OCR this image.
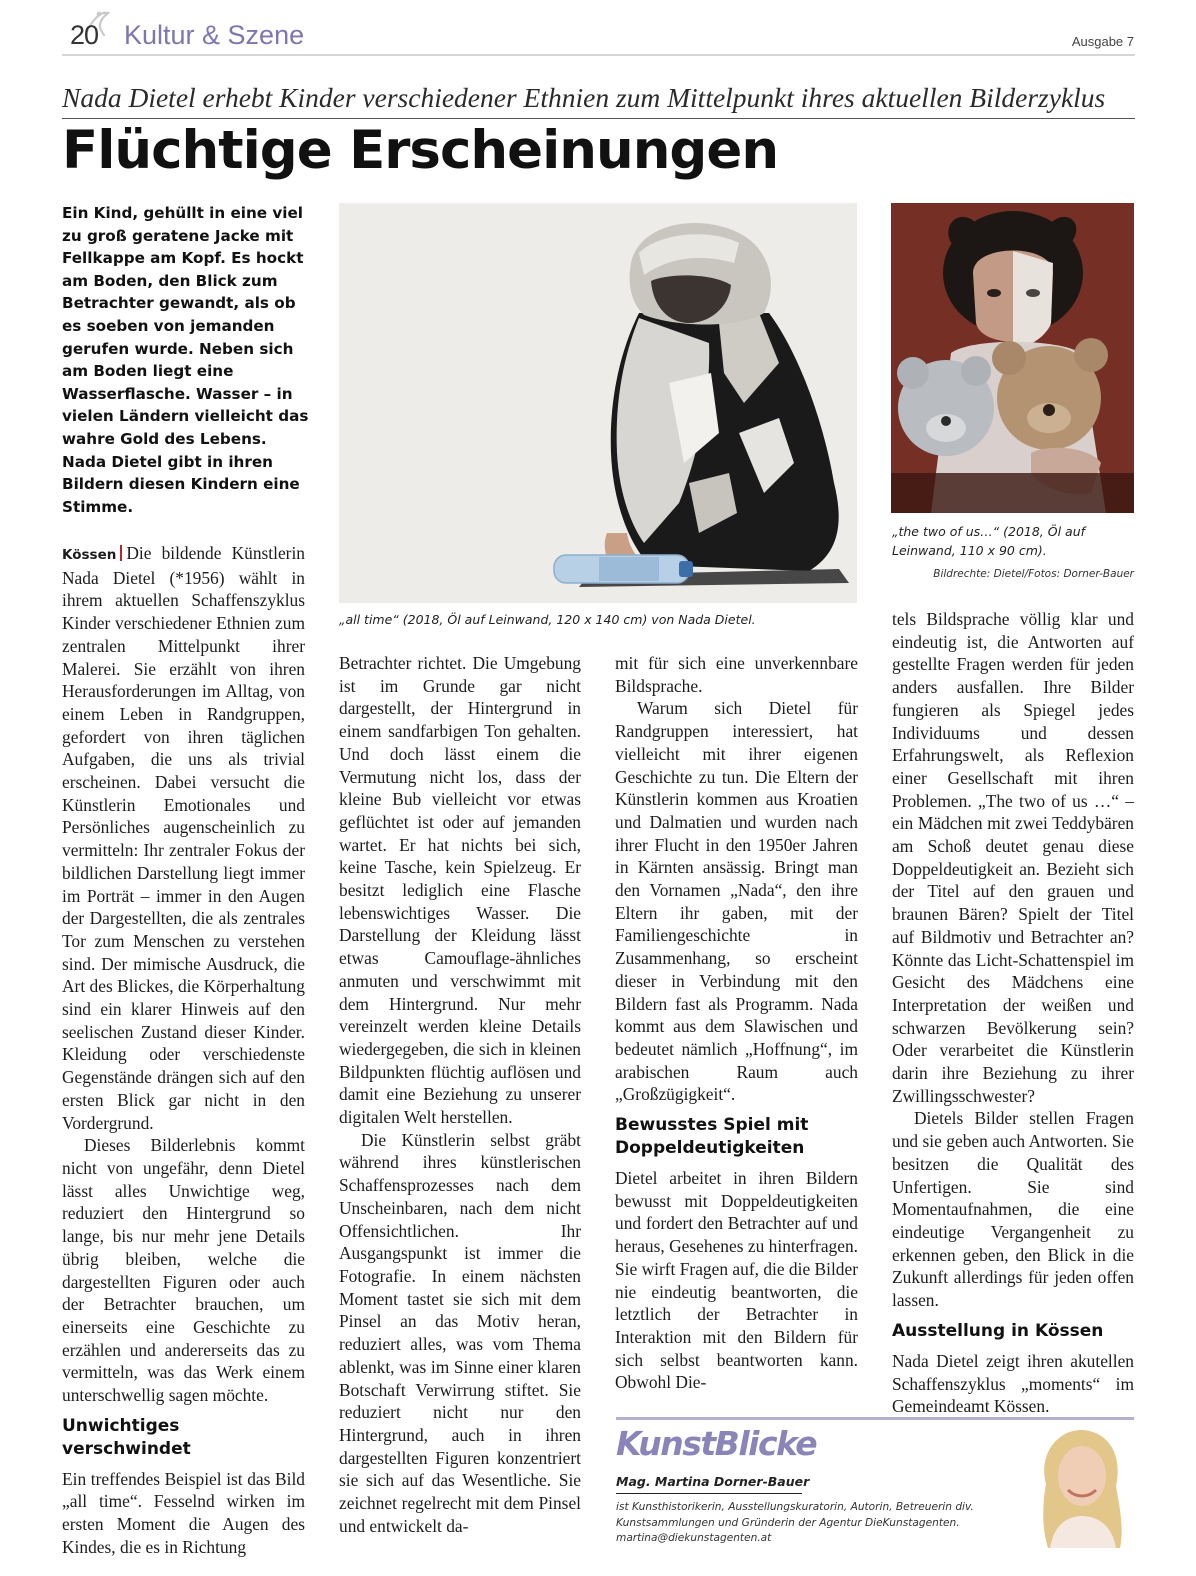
20 Kultur & Szene	Ausgabe 7
Nada Dietel erhebt Kinder verschiedener Ethnien zum Mittelpunkt ihres aktuellen Bilderzyklus
Flüchtige Erscheinungen
Ein Kind, gehüllt in eine viel zu groß geratene Jacke mit Fellkappe am Kopf. Es hockt am Boden, den Blick zum Betrachter gewandt, als ob es soeben von jemanden gerufen wurde. Neben sich am Boden liegt eine Wasserflasche. Wasser – in vielen Ländern vielleicht das wahre Gold des Lebens. Nada Dietel gibt in ihren Bildern diesen Kindern eine Stimme.

Kössen Die bildende Künstlerin Nada Dietel (*1956) wählt in ihrem aktuellen Schaffenszyklus Kinder verschiedener Ethnien zum zentralen Mittelpunkt ihrer Malerei. Sie erzählt von ihren Herausforderungen im Alltag, von einem Leben in Randgruppen, gefordert von ihren täglichen Aufgaben, die uns als trivial erscheinen. Dabei versucht die Künstlerin Emotionales und Persönliches augenscheinlich zu vermitteln: Ihr zentraler Fokus der bildlichen Darstellung liegt immer im Porträt – immer in den Augen der Dargestellten, die als zentrales Tor zum Menschen zu verstehen sind. Der mimische Ausdruck, die Art des Blickes, die Körperhaltung sind ein klarer Hinweis auf den seelischen Zustand dieser Kinder. Kleidung oder verschiedenste Gegenstände drängen sich auf den ersten Blick gar nicht in den Vordergrund.

Dieses Bilderlebnis kommt nicht von ungefähr, denn Dietel lässt alles Unwichtige weg, reduziert den Hintergrund so lange, bis nur mehr jene Details übrig bleiben, welche die dargestellten Figuren oder auch der Betrachter brauchen, um einerseits eine Geschichte zu erzählen und andererseits das zu vermitteln, was das Werk einem unterschwellig sagen möchte.

Unwichtiges verschwindet

Ein treffendes Beispiel ist das Bild „all time“. Fesselnd wirken im ersten Moment die Augen des Kindes, die es in Richtung

„all time“ (2018, Öl auf Leinwand, 120 x 140 cm) von Nada Dietel.
„the two of us…“ (2018, Öl auf Leinwand, 110 x 90 cm).
Bildrechte: Dietel/Fotos: Dorner-Bauer

Betrachter richtet. Die Umgebung ist im Grunde gar nicht dargestellt, der Hintergrund in einem sandfarbigen Ton gehalten. Und doch lässt einem die Vermutung nicht los, dass der kleine Bub vielleicht vor etwas geflüchtet ist oder auf jemanden wartet. Er hat nichts bei sich, keine Tasche, kein Spielzeug. Er besitzt lediglich eine Flasche lebenswichtiges Wasser. Die Darstellung der Kleidung lässt etwas Camouflage-ähnliches anmuten und verschwimmt mit dem Hintergrund. Nur mehr vereinzelt werden kleine Details wiedergegeben, die sich in kleinen Bildpunkten flüchtig auflösen und damit eine Beziehung zu unserer digitalen Welt herstellen.

Die Künstlerin selbst gräbt während ihres künstlerischen Schaffensprozesses nach dem Unscheinbaren, nach dem nicht Offensichtlichen. Ihr Ausgangspunkt ist immer die Fotografie. In einem nächsten Moment tastet sie sich mit dem Pinsel an das Motiv heran, reduziert alles, was vom Thema ablenkt, was im Sinne einer klaren Botschaft Verwirrung stiftet. Sie reduziert nicht nur den Hintergrund, auch in ihren dargestellten Figuren konzentriert sie sich auf das Wesentliche. Sie zeichnet regelrecht mit dem Pinsel und entwickelt da-

mit für sich eine unverkennbare Bildsprache.

Warum sich Dietel für Randgruppen interessiert, hat vielleicht mit ihrer eigenen Geschichte zu tun. Die Eltern der Künstlerin kommen aus Kroatien und Dalmatien und wurden nach ihrer Flucht in den 1950er Jahren in Kärnten ansässig. Bringt man den Vornamen „Nada“, den ihre Eltern ihr gaben, mit der Familiengeschichte in Zusammenhang, so erscheint dieser in Verbindung mit den Bildern fast als Programm. Nada kommt aus dem Slawischen und bedeutet nämlich „Hoffnung“, im arabischen Raum auch „Großzügigkeit“.

Bewusstes Spiel mit Doppeldeutigkeiten

Dietel arbeitet in ihren Bildern bewusst mit Doppeldeutigkeiten und fordert den Betrachter auf und heraus, Gesehenes zu hinterfragen. Sie wirft Fragen auf, die die Bilder nie eindeutig beantworten, die letztlich der Betrachter in Interaktion mit den Bildern für sich selbst beantworten kann. Obwohl Die-

tels Bildsprache völlig klar und eindeutig ist, die Antworten auf gestellte Fragen werden für jeden anders ausfallen. Ihre Bilder fungieren als Spiegel jedes Individuums und dessen Erfahrungswelt, als Reflexion einer Gesellschaft mit ihren Problemen. „The two of us …“ – ein Mädchen mit zwei Teddybären am Schoß deutet genau diese Doppeldeutigkeit an. Bezieht sich der Titel auf den grauen und braunen Bären? Spielt der Titel auf Bildmotiv und Betrachter an? Könnte das Licht-Schattenspiel im Gesicht des Mädchens eine Interpretation der weißen und schwarzen Bevölkerung sein? Oder verarbeitet die Künstlerin darin ihre Beziehung zu ihrer Zwillingsschwester?

Dietels Bilder stellen Fragen und sie geben auch Antworten. Sie besitzen die Qualität des Unfertigen. Sie sind Momentaufnahmen, die eine eindeutige Vergangenheit zu erkennen geben, den Blick in die Zukunft allerdings für jeden offen lassen.

Ausstellung in Kössen

Nada Dietel zeigt ihren akutellen Schaffenszyklus „moments“ im Gemeindeamt Kössen.

KunstBlicke
Mag. Martina Dorner-Bauer
ist Kunsthistorikerin, Ausstellungskuratorin, Autorin, Betreuerin div. Kunstsammlungen und Gründerin der Agentur DieKunstagenten.
martina@diekunstagenten.at
